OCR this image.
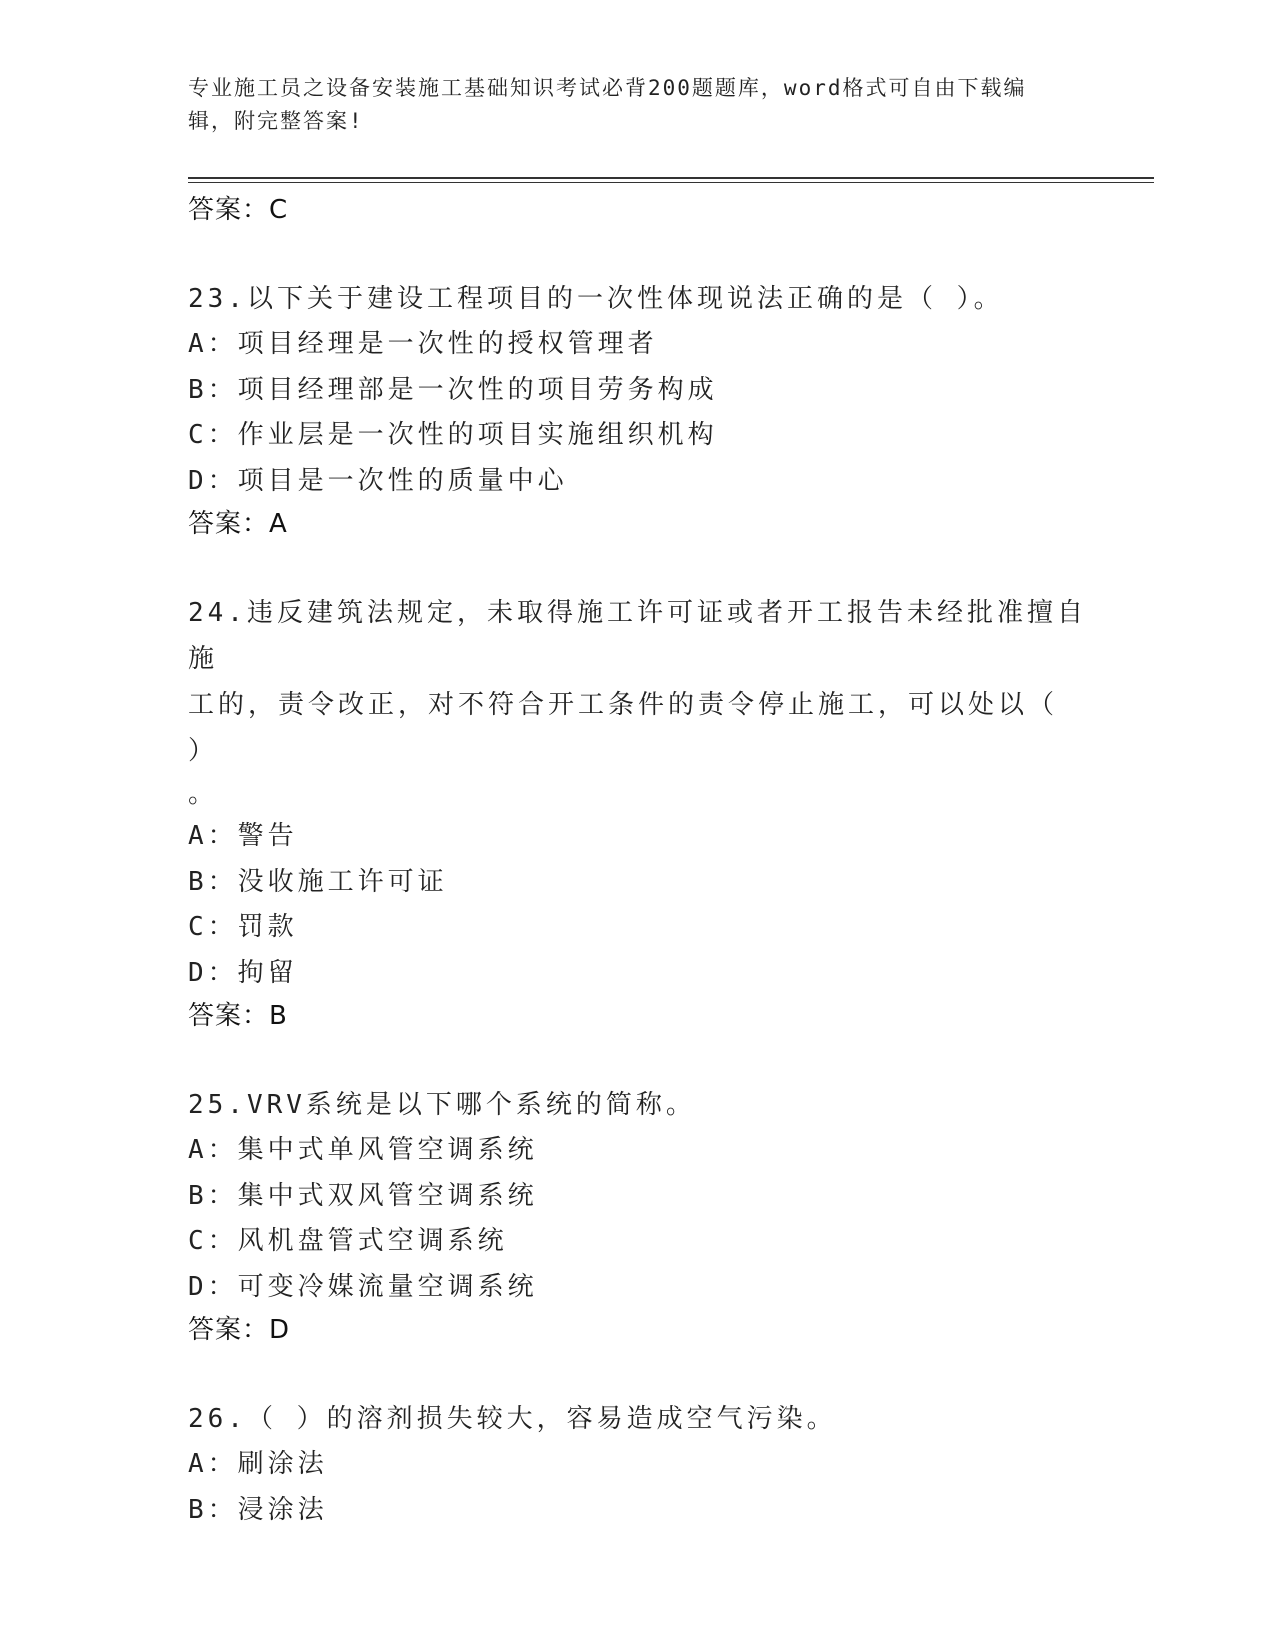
专业施工员之设备安装施工基础知识考试必背200题题库，word格式可自由下载编辑，附完整答案!

答案：C

23.以下关于建设工程项目的一次性体现说法正确的是（ ）。

A：项目经理是一次性的授权管理者

B：项目经理部是一次性的项目劳务构成

C：作业层是一次性的项目实施组织机构

D：项目是一次性的质量中心

答案：A

24.违反建筑法规定，未取得施工许可证或者开工报告未经批准擅自施

工的，责令改正，对不符合开工条件的责令停止施工，可以处以（ ）

。

A：警告

B：没收施工许可证

C：罚款

D：拘留

答案：B

25.VRV系统是以下哪个系统的简称。

A：集中式单风管空调系统

B：集中式双风管空调系统

C：风机盘管式空调系统

D：可变冷媒流量空调系统

答案：D

26.（ ）的溶剂损失较大，容易造成空气污染。

A：刷涂法

B：浸涂法
